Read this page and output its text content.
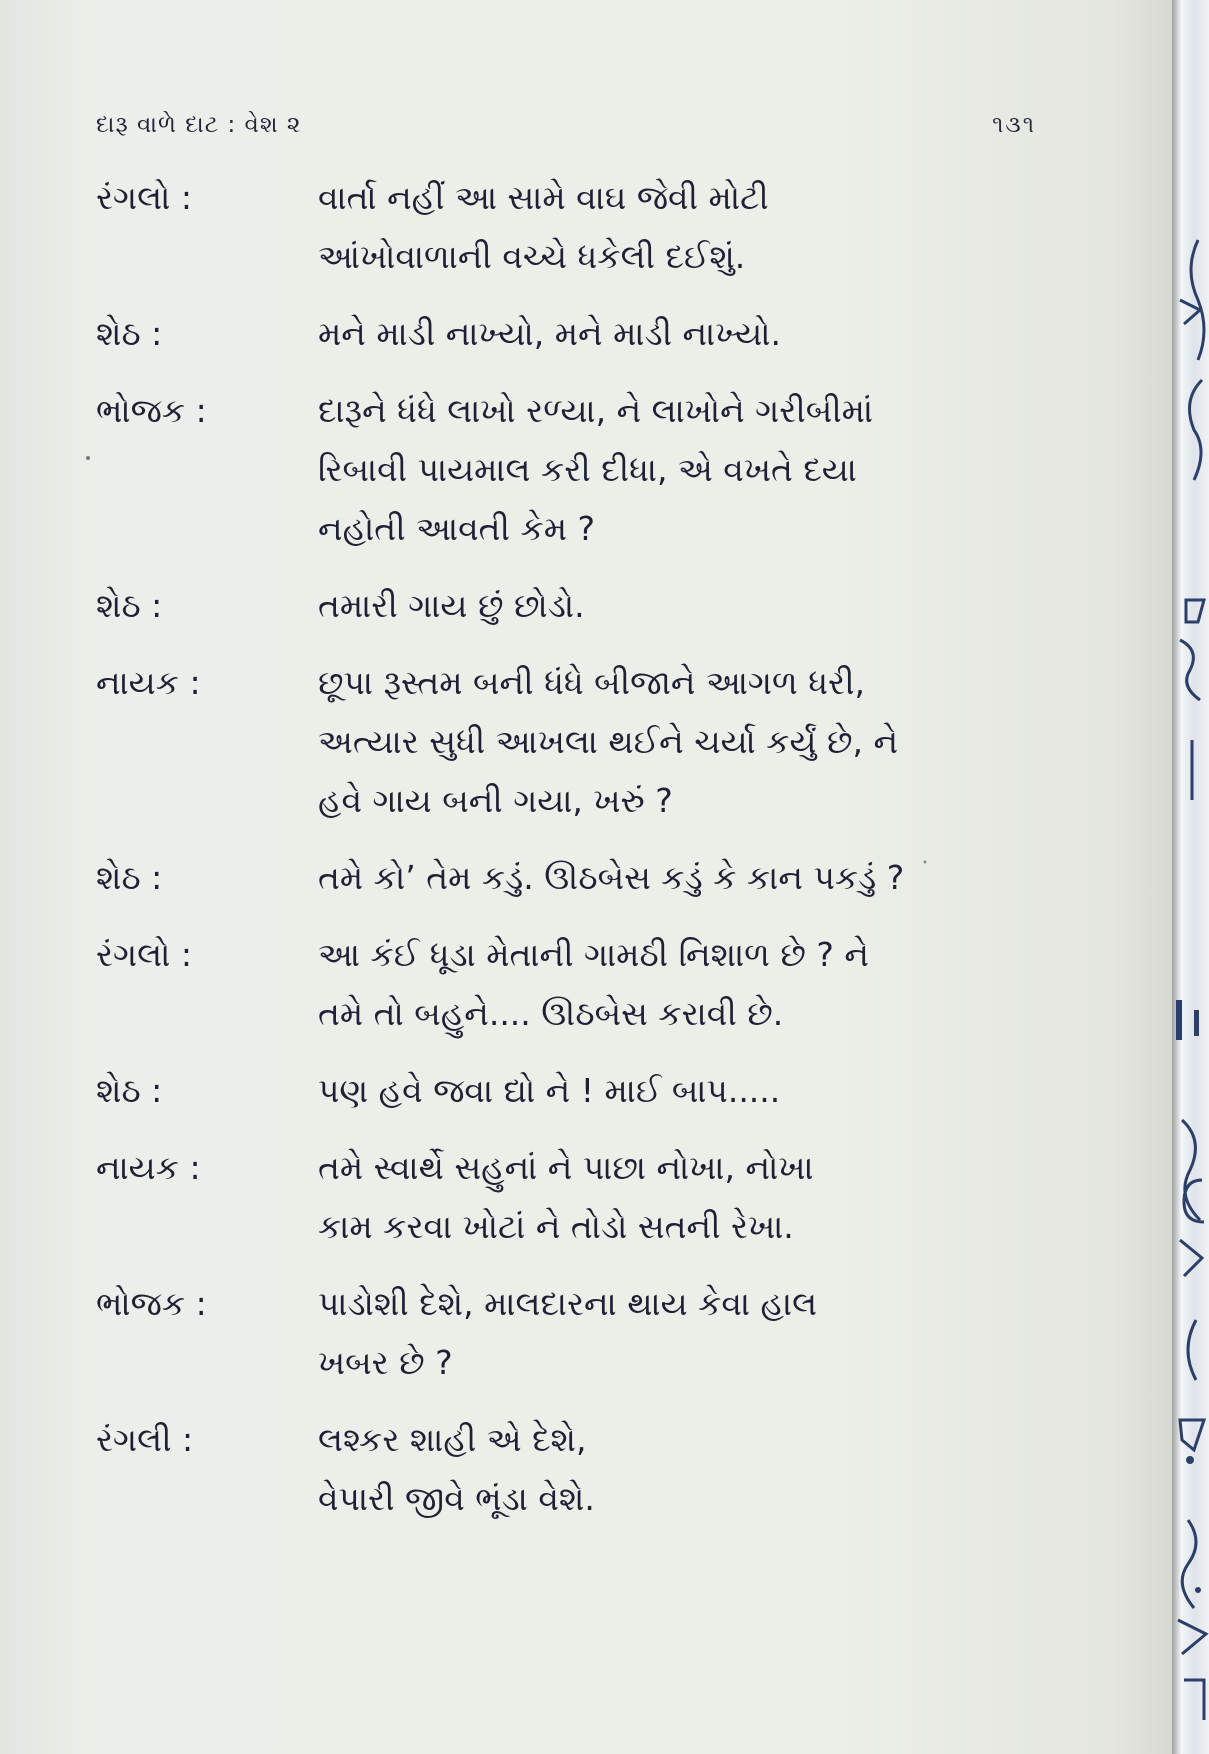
દારૂ વાળે દાટ : વેશ ૨	૧૩૧
રંગલો :	વાર્તા નહીં આ સામે વાઘ જેવી મોટી
આંખોવાળાની વચ્ચે ધકેલી દઈશું.
શેઠ :	મને માડી નાખ્યો, મને માડી નાખ્યો.
ભોજક :	દારૂને ધંધે લાખો રળ્યા, ને લાખોને ગરીબીમાં
રિબાવી પાયમાલ કરી દીધા, એ વખતે દયા
નહોતી આવતી કેમ ?
શેઠ :	તમારી ગાય છું છોડો.
નાયક :	છૂપા રૂસ્તમ બની ધંધે બીજાને આગળ ધરી,
અત્યાર સુધી આખલા થઈને ચર્યા કર્યું છે, ને
હવે ગાય બની ગયા, ખરું ?
શેઠ :	તમે કો’ તેમ કડું. ઊઠબેસ કડું કે કાન પકડું ?
રંગલો :	આ કંઈ ધૂડા મેતાની ગામઠી નિશાળ છે ? ને
તમે તો બહુને.... ઊઠબેસ કરાવી છે.
શેઠ :	પણ હવે જવા દ્યો ને ! માઈ બાપ.....
નાયક :	તમે સ્વાર્થે સહુનાં ને પાછા નોખા, નોખા
કામ કરવા ખોટાં ને તોડો સતની રેખા.
ભોજક :	પાડોશી દેશે, માલદારના થાય કેવા હાલ
ખબર છે ?
રંગલી :	લશ્કર શાહી એ દેશે,
વેપારી જીવે ભૂંડા વેશે.
